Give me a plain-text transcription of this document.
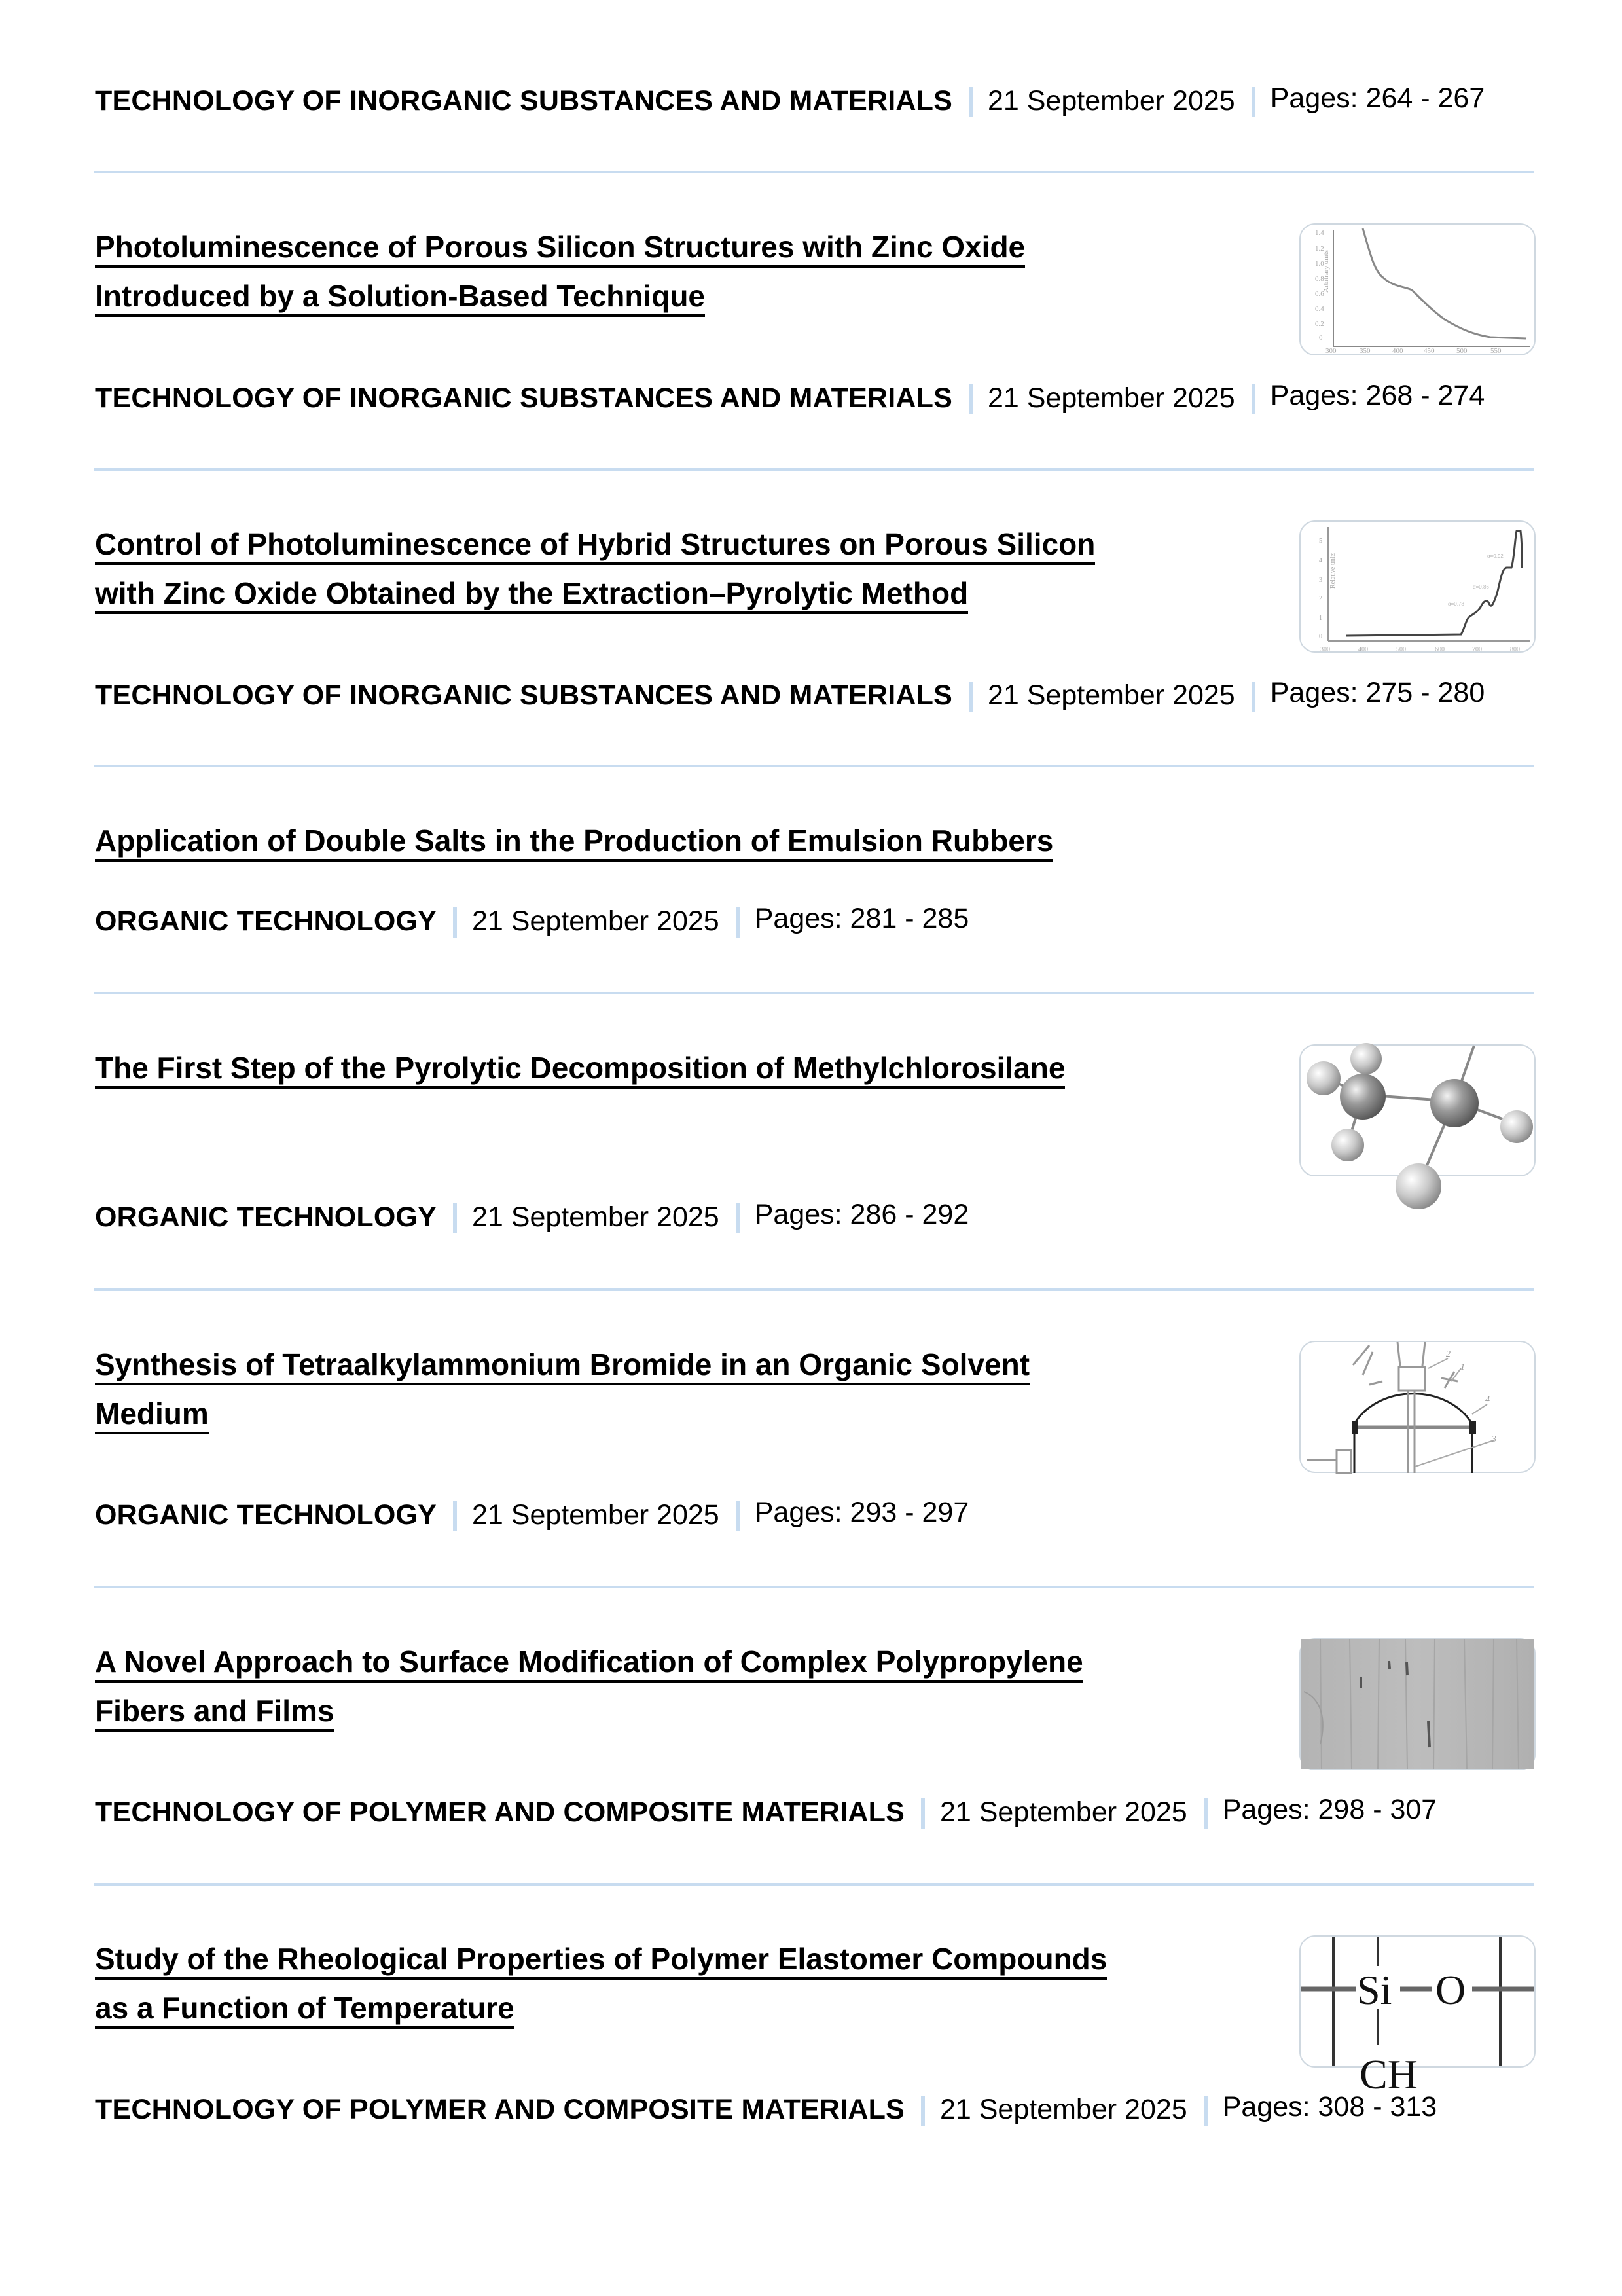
TECHNOLOGY OF INORGANIC SUBSTANCES AND MATERIALS 21 September 2025 Pages: 264 - 267
Photoluminescence of Porous Silicon Structures with Zinc Oxide
Introduced by a Solution-Based Technique
1.4
1.2
1.0
0.8
0.6
0.4
0.2
0
300	350	400	450	500	550
Arbitrary units
TECHNOLOGY OF INORGANIC SUBSTANCES AND MATERIALS 21 September 2025 Pages: 268 - 274
Control of Photoluminescence of Hybrid Structures on Porous Silicon
with Zinc Oxide Obtained by the Extraction–Pyrolytic Method
5
4
3
2
1
0
300	400	500	600	700	800
Relative units
α=0.78
α=0.86
α=0.92
TECHNOLOGY OF INORGANIC SUBSTANCES AND MATERIALS 21 September 2025 Pages: 275 - 280
Application of Double Salts in the Production of Emulsion Rubbers
ORGANIC TECHNOLOGY 21 September 2025 Pages: 281 - 285
The First Step of the Pyrolytic Decomposition of Methylchlorosilane
ORGANIC TECHNOLOGY 21 September 2025 Pages: 286 - 292
Synthesis of Tetraalkylammonium Bromide in an Organic Solvent
Medium
2
1
4
3
ORGANIC TECHNOLOGY 21 September 2025 Pages: 293 - 297
A Novel Approach to Surface Modification of Complex Polypropylene
Fibers and Films
TECHNOLOGY OF POLYMER AND COMPOSITE MATERIALS 21 September 2025 Pages: 298 - 307
Study of the Rheological Properties of Polymer Elastomer Compounds
as a Function of Temperature	Si O
CH
TECHNOLOGY OF POLYMER AND COMPOSITE MATERIALS 21 September 2025 Pages: 308 - 313
